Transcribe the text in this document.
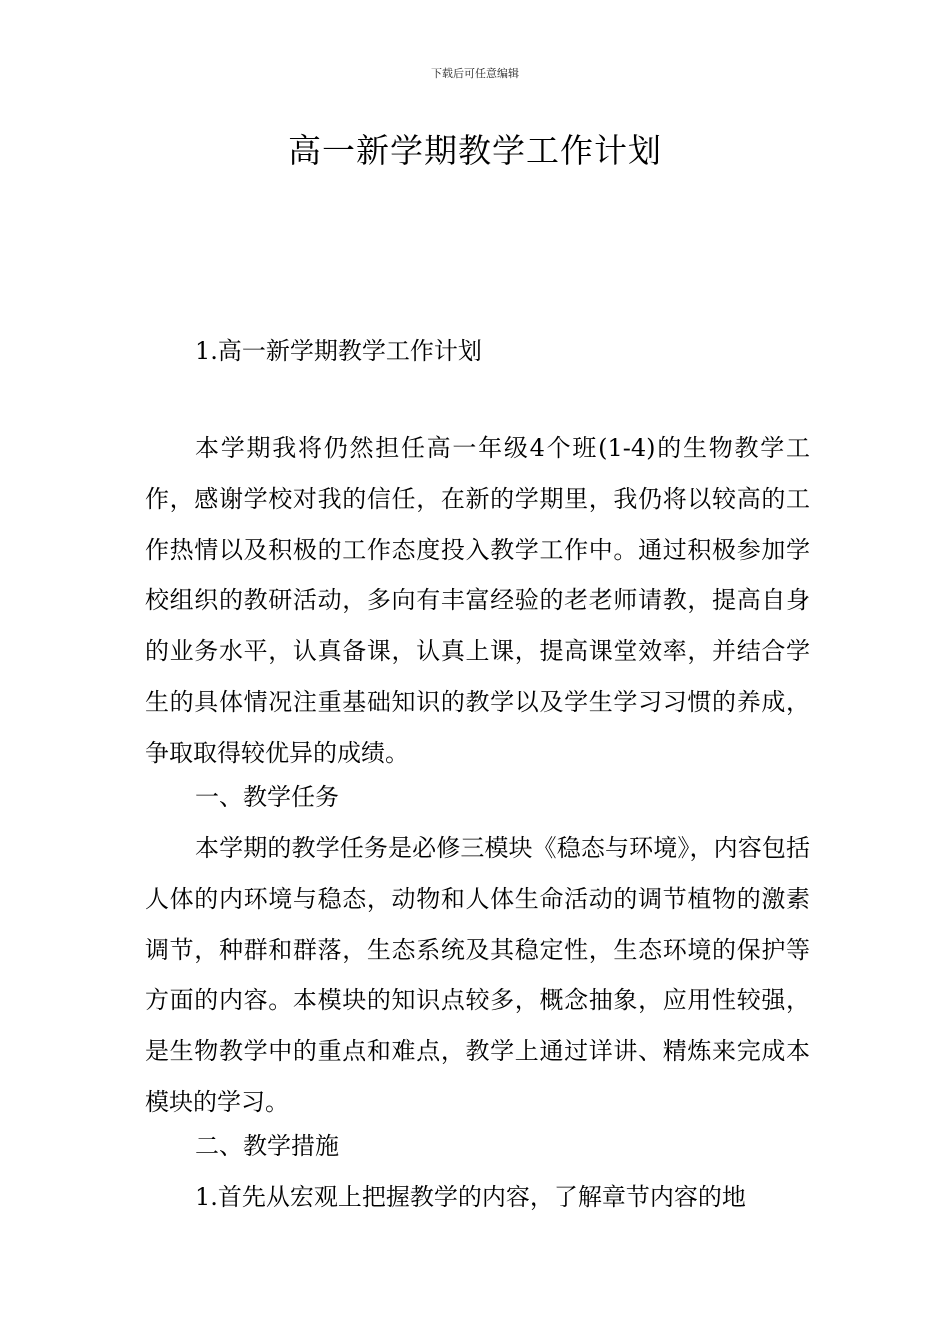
下载后可任意编辑
高一新学期教学工作计划
1.高一新学期教学工作计划

本学期我将仍然担任高一年级4个班(1-4)的生物教学工作，感谢学校对我的信任，在新的学期里，我仍将以较高的工作热情以及积极的工作态度投入教学工作中。通过积极参加学校组织的教研活动，多向有丰富经验的老老师请教，提高自身的业务水平，认真备课，认真上课，提高课堂效率，并结合学生的具体情况注重基础知识的教学以及学生学习习惯的养成，争取取得较优异的成绩。

一、教学任务

本学期的教学任务是必修三模块《稳态与环境》，内容包括人体的内环境与稳态，动物和人体生命活动的调节植物的激素调节，种群和群落，生态系统及其稳定性，生态环境的保护等方面的内容。本模块的知识点较多，概念抽象，应用性较强，是生物教学中的重点和难点，教学上通过详讲、精炼来完成本模块的学习。

二、教学措施

1.首先从宏观上把握教学的内容，了解章节内容的地
